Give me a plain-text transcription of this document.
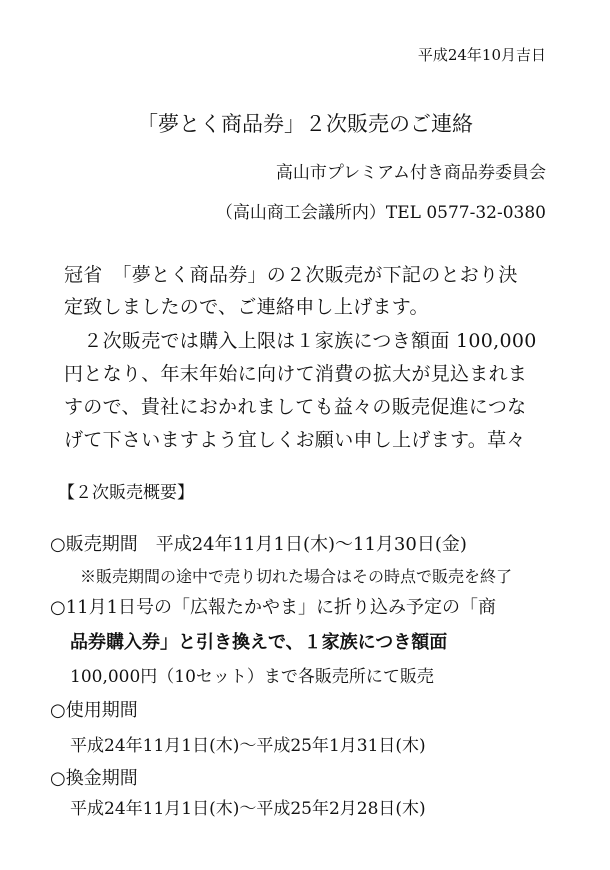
平成24年10月吉日
「夢とく商品券」２次販売のご連絡
高山市プレミアム付き商品券委員会
（高山商工会議所内）TEL 0577-32-0380
冠省　「夢とく商品券」の２次販売が下記のとおり決
定致しましたので、ご連絡申し上げます。
　２次販売では購入上限は１家族につき額面 100,000
円となり、年末年始に向けて消費の拡大が見込まれま
すので、貴社におかれましても益々の販売促進につな
げて下さいますよう宜しくお願い申し上げます。草々
【２次販売概要】
○販売期間　平成24年11月1日(木)～11月30日(金)
※販売期間の途中で売り切れた場合はその時点で販売を終了
○11月1日号の「広報たかやま」に折り込み予定の「商
品券購入券」と引き換えで、１家族につき額面
100,000円（10セット）まで各販売所にて販売
○使用期間
平成24年11月1日(木)～平成25年1月31日(木)
○換金期間
平成24年11月1日(木)～平成25年2月28日(木)
